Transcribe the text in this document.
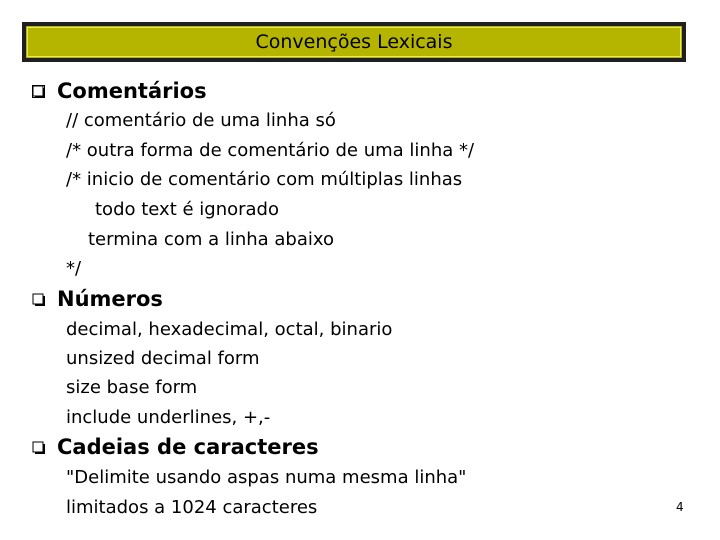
Convenções Lexicais
Comentários
// comentário de uma linha só
/* outra forma de comentário de uma linha */
/* inicio de comentário com múltiplas linhas
todo text é ignorado
termina com a linha abaixo
*/
Números
decimal, hexadecimal, octal, binario
unsized decimal form
size base form
include underlines, +,-
Cadeias de caracteres
"Delimite usando aspas numa mesma linha"
limitados a 1024 caracteres	4
